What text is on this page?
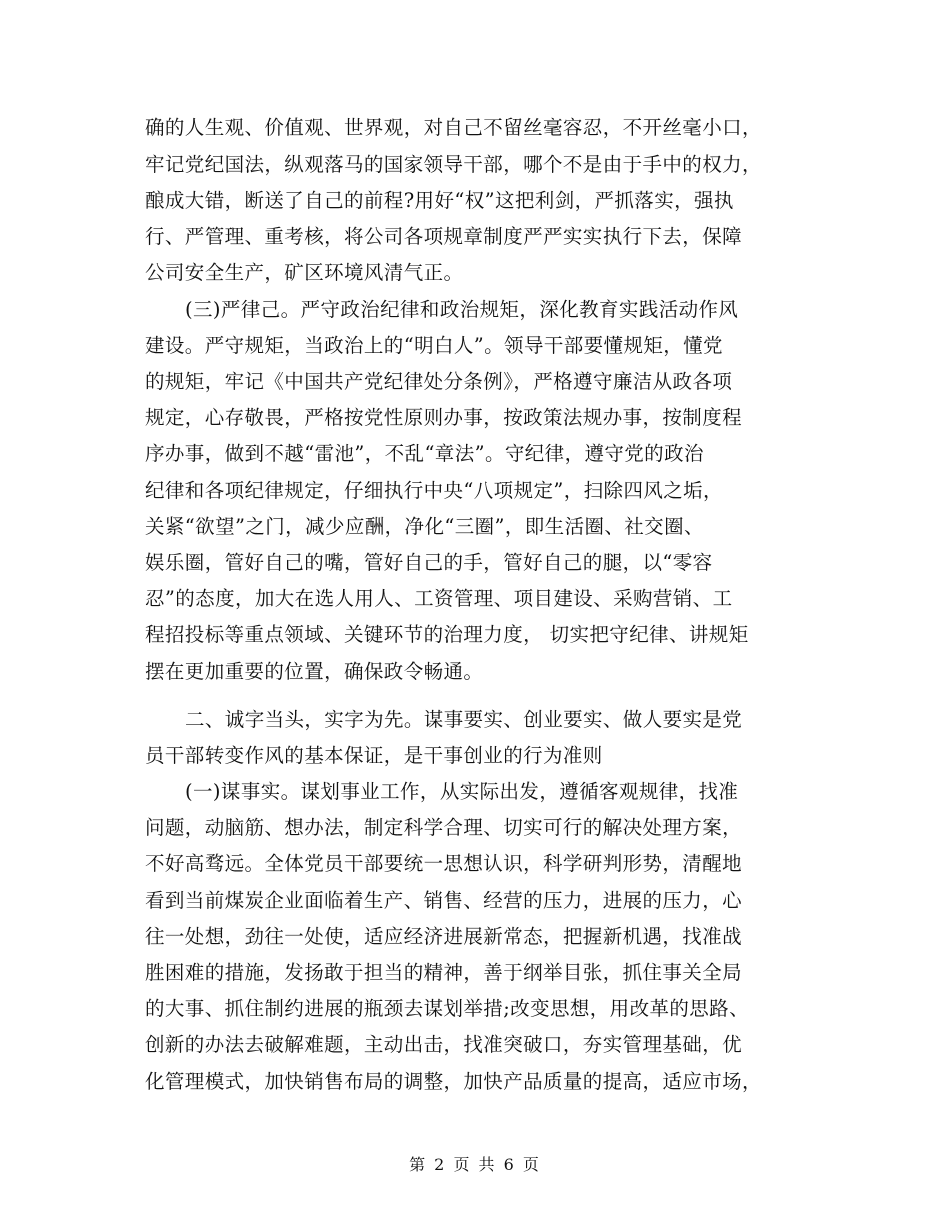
确的人生观、价值观、世界观，对自己不留丝毫容忍，不开丝毫小口，
牢记党纪国法，纵观落马的国家领导干部，哪个不是由于手中的权力，
酿成大错，断送了自己的前程?用好“权”这把利剑，严抓落实，强执
行、严管理、重考核，将公司各项规章制度严严实实执行下去，保障
公司安全生产，矿区环境风清气正。
(三)严律己。严守政治纪律和政治规矩，深化教育实践活动作风
建设。严守规矩，当政治上的“明白人”。领导干部要懂规矩，懂党
的规矩，牢记《中国共产党纪律处分条例》，严格遵守廉洁从政各项
规定，心存敬畏，严格按党性原则办事，按政策法规办事，按制度程
序办事，做到不越“雷池”，不乱“章法”。守纪律，遵守党的政治
纪律和各项纪律规定，仔细执行中央“八项规定”，扫除四风之垢，
关紧“欲望”之门，减少应酬，净化“三圈”，即生活圈、社交圈、
娱乐圈，管好自己的嘴，管好自己的手，管好自己的腿，以“零容
忍”的态度，加大在选人用人、工资管理、项目建设、采购营销、工
程招投标等重点领域、关键环节的治理力度， 切实把守纪律、讲规矩
摆在更加重要的位置，确保政令畅通。
二、诚字当头，实字为先。谋事要实、创业要实、做人要实是党
员干部转变作风的基本保证，是干事创业的行为准则
(一)谋事实。谋划事业工作，从实际出发，遵循客观规律，找准
问题，动脑筋、想办法，制定科学合理、切实可行的解决处理方案，
不好高骛远。全体党员干部要统一思想认识，科学研判形势，清醒地
看到当前煤炭企业面临着生产、销售、经营的压力，进展的压力，心
往一处想，劲往一处使，适应经济进展新常态，把握新机遇，找准战
胜困难的措施，发扬敢于担当的精神，善于纲举目张，抓住事关全局
的大事、抓住制约进展的瓶颈去谋划举措;改变思想，用改革的思路、
创新的办法去破解难题，主动出击，找准突破口，夯实管理基础，优
化管理模式，加快销售布局的调整，加快产品质量的提高，适应市场，
第 2 页 共 6 页
